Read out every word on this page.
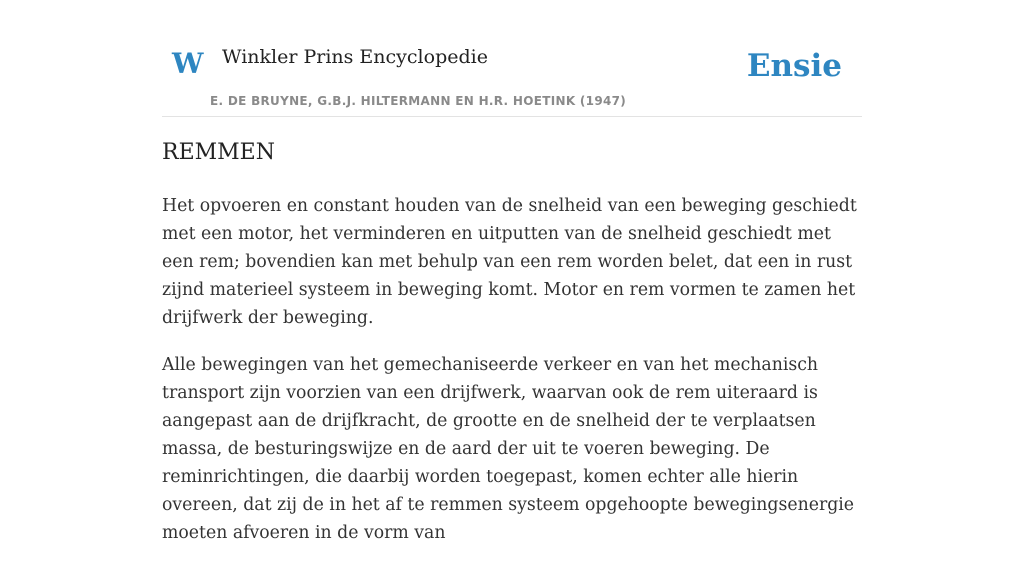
W Winkler Prins Encyclopedie
E. DE BRUYNE, G.B.J. HILTERMANN EN H.R. HOETINK (1947)
Ensie
REMMEN

Het opvoeren en constant houden van de snelheid van een beweging geschiedt met een motor, het verminderen en uitputten van de snelheid geschiedt met een rem; bovendien kan met behulp van een rem worden belet, dat een in rust zijnd materieel systeem in beweging komt. Motor en rem vormen te zamen het drijfwerk der beweging.

Alle bewegingen van het gemechaniseerde verkeer en van het mechanisch transport zijn voorzien van een drijfwerk, waarvan ook de rem uiteraard is aangepast aan de drijfkracht, de grootte en de snelheid der te verplaatsen massa, de besturingswijze en de aard der uit te voeren beweging. De reminrichtingen, die daarbij worden toegepast, komen echter alle hierin overeen, dat zij de in het af te remmen systeem opgehoopte bewegingsenergie moeten afvoeren in de vorm van
